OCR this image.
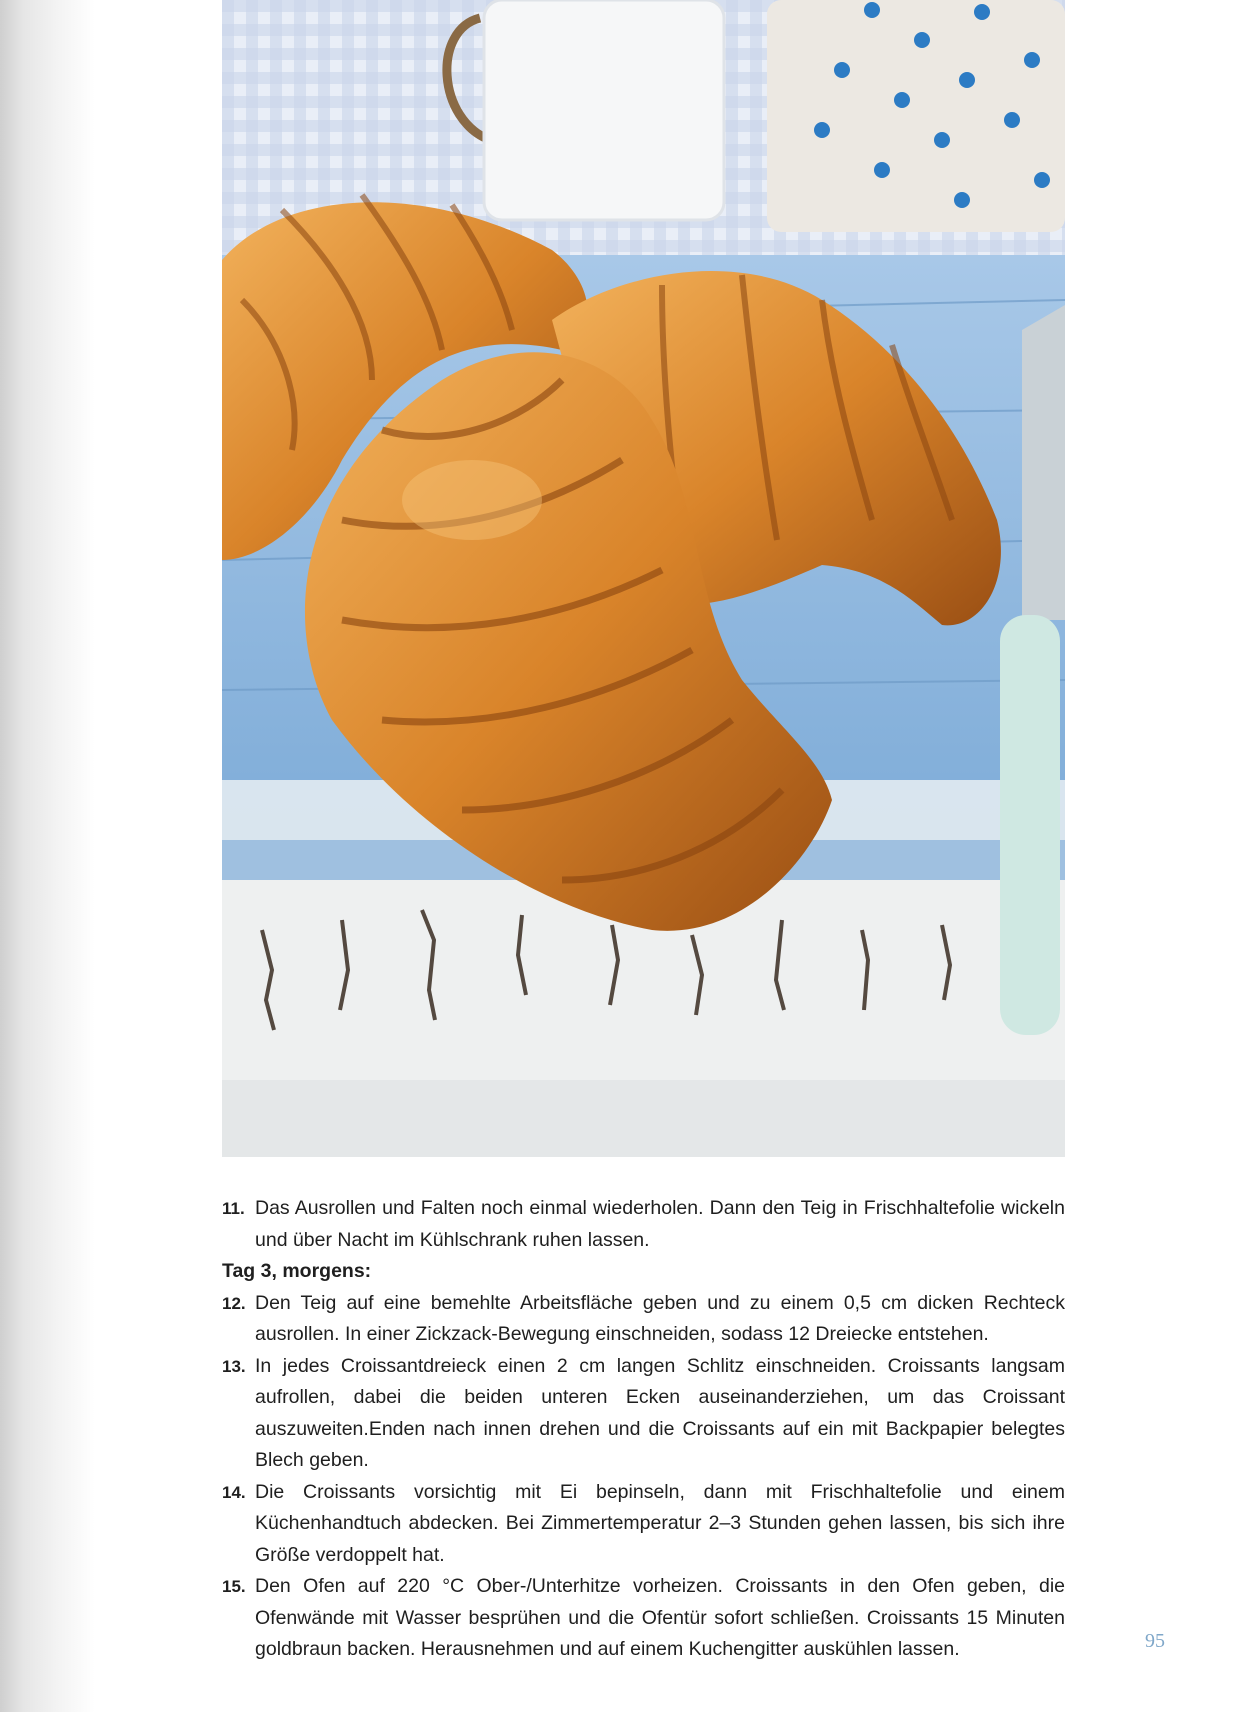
11. Das Ausrollen und Falten noch einmal wiederholen. Dann den Teig in Frischhaltefolie wickeln und über Nacht im Kühlschrank ruhen lassen.
Tag 3, morgens:
12. Den Teig auf eine bemehlte Arbeitsfläche geben und zu einem 0,5 cm dicken Rechteck ausrollen. In einer Zickzack-Bewegung einschneiden, sodass 12 Dreiecke entstehen.
13. In jedes Croissantdreieck einen 2 cm langen Schlitz einschneiden. Croissants langsam aufrollen, dabei die beiden unteren Ecken auseinanderziehen, um das Croissant auszuweiten.Enden nach innen drehen und die Croissants auf ein mit Backpapier belegtes Blech geben.
14. Die Croissants vorsichtig mit Ei bepinseln, dann mit Frischhaltefolie und einem Küchenhandtuch abdecken. Bei Zimmertemperatur 2–3 Stunden gehen lassen, bis sich ihre Größe verdoppelt hat.
15. Den Ofen auf 220 °C Ober-/Unterhitze vorheizen. Croissants in den Ofen geben, die Ofenwände mit Wasser besprühen und die Ofentür sofort schließen. Croissants 15 Minuten goldbraun backen. Herausnehmen und auf einem Kuchengitter auskühlen lassen.	95
